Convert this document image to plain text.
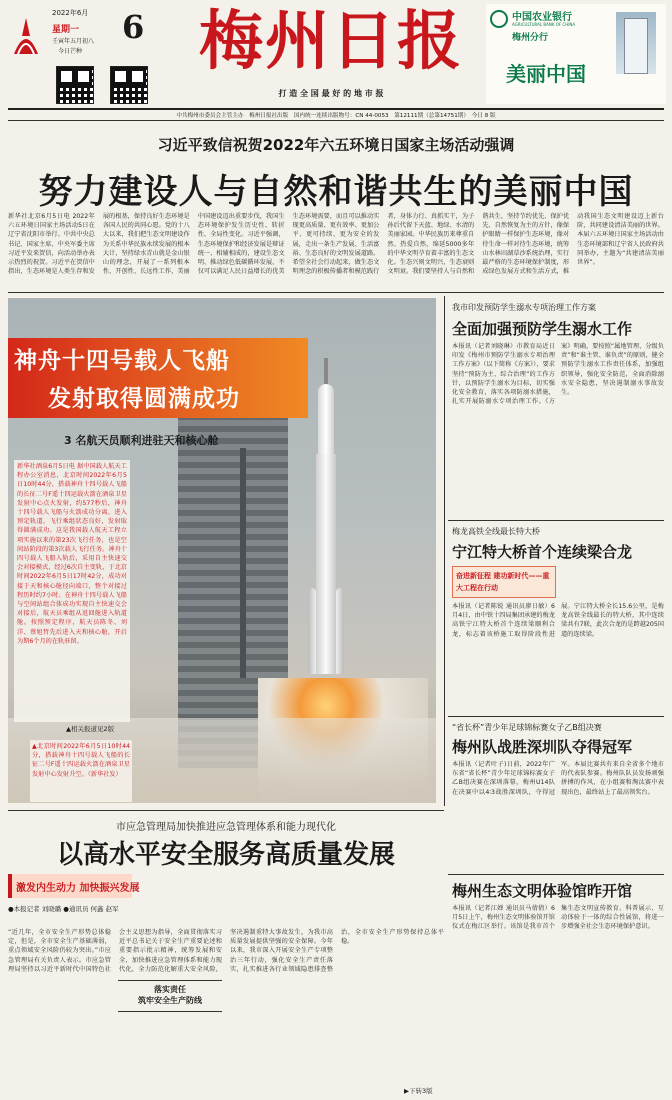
2022年6月
星期一
壬寅年五月初八
今日芒种
6 梅州日报
打 造 全 国 最 好 的 地 市 报
中国农业银行
AGRICULTURAL BANK OF CHINA
梅州分行
美丽中国
中共梅州市委员会主管主办　梅州日报社出版　国内统一连续出版物号：CN 44-0053　第12111期（总第14751期）　今日 8 版
习近平致信祝贺2022年六五环境日国家主场活动强调
努力建设人与自然和谐共生的美丽中国
新华社北京6月5日电 2022年六五环境日国家主场活动5日在辽宁省沈阳市举行。中共中央总书记、国家主席、中央军委主席习近平发来贺信，向活动举办表示热烈的祝贺。习近平在贺信中指出，生态环境是人类生存和发展的根基，保持良好生态环境是各国人民的共同心愿。党的十八大以来，我们把生态文明建设作为关系中华民族永续发展的根本大计，坚持绿水青山就是金山银山的理念，开展了一系列根本性、开创性、长远性工作，美丽中国建设迈出重要步伐，我国生态环境保护发生历史性、转折性、全局性变化。习近平强调，生态环境保护和经济发展是辩证统一、相辅相成的，建设生态文明、推动绿色低碳循环发展，不仅可以满足人民日益增长的优美生态环境需要，而且可以推动实现更高质量、更有效率、更加公平、更可持续、更为安全的发展，走出一条生产发展、生活富裕、生态良好的文明发展道路。希望全社会行动起来，做生态文明理念的积极传播者和模范践行者，身体力行、真抓实干，为子孙后代留下天蓝、地绿、水清的美丽家园。中华民族历来尊重自然、热爱自然，绵延5000多年的中华文明孕育着丰富的生态文化。生态兴则文明兴，生态衰则文明衰。我们要坚持人与自然和谐共生，坚持节约优先、保护优先、自然恢复为主的方针，像保护眼睛一样保护生态环境，像对待生命一样对待生态环境，统筹山水林田湖草沙系统治理，实行最严格的生态环境保护制度，形成绿色发展方式和生活方式，推动我国生态文明建设迈上新台阶，共同建设清洁美丽的世界。本届六五环境日国家主场活动由生态环境部和辽宁省人民政府共同举办，主题为“共建清洁美丽世界”。
神舟十四号载人飞船
发射取得圆满成功
3 名航天员顺利进驻天和核心舱
新华社酒泉6月5日电 据中国载人航天工程办公室消息，北京时间2022年6月5日10时44分，搭载神舟十四号载人飞船的长征二号F遥十四运载火箭在酒泉卫星发射中心点火发射，约577秒后，神舟十四号载人飞船与火箭成功分离，进入预定轨道，飞行乘组状态良好，发射取得圆满成功。这是我国载人航天工程立项实施以来的第23次飞行任务，也是空间站阶段的第3次载人飞行任务。神舟十四号载人飞船入轨后，采用自主快速交会对接模式，经过6次自主变轨，于北京时间2022年6月5日17时42分，成功对接于天和核心舱径向端口，整个对接过程历时约7小时。在神舟十四号载人飞船与空间站组合体成功实现自主快速交会对接后，航天员乘组从返回舱进入轨道舱。按照预定程序，航天员陈冬、刘洋、蔡旭哲先后进入天和核心舱，开启为期6个月的在轨驻留。
▲相关报道见2版
▲北京时间2022年6月5日10时44分，搭载神舟十四号载人飞船的长征二号F遥十四运载火箭在酒泉卫星发射中心发射升空。（新华社发）
我市印发预防学生溺水专项治理工作方案
全面加强预防学生溺水工作
本报讯（记者刘晓琳）市教育局近日印发《梅州市预防学生溺水专项治理工作方案》（以下简称《方案》），要求坚持“预防为主、综合治理”的工作方针，以预防学生溺水为目标，切实强化安全教育，落实各项防溺水措施，扎实开展防溺水专项治理工作。《方案》明确，要按照“属地管理、分级负责”和“谁主管、谁负责”的原则，健全预防学生溺水工作责任体系，加强组织领导，强化安全防范，全面消除溺水安全隐患，坚决遏制溺水事故发生。
梅龙高铁全线最长特大桥
宁江特大桥首个连续梁合龙
奋进新征程 建功新时代——重大工程在行动
本报讯（记者陈锐 通讯员廖日敏）6月4日，由中铁十四局集团承建的梅龙高铁宁江特大桥首个连续梁顺利合龙，标志着该桥施工取得阶段性进展。宁江特大桥全长15.6公里，是梅龙高铁全线最长的特大桥，其中连续梁共有7联，此次合龙的是跨越205国道的连续梁。
“省长杯”青少年足球锦标赛女子乙B组决赛
梅州队战胜深圳队夺得冠军
本报讯（记者叶子)日前，2022年广东省“省长杯”青少年足球锦标赛女子乙B组决赛在深圳落幕，梅州U14队在决赛中以4∶3战胜深圳队，夺得冠军。本届比赛共有来自全省多个地市的代表队参赛。梅州队队员发扬顽强拼搏的作风，在小组赛和淘汰赛中表现出色，最终站上了最高领奖台。
梅州生态文明体验馆昨开馆
本报讯（记者江婵 通讯员马倩倩）6月5日上午，梅州生态文明体验馆开馆仪式在梅江区举行。该馆是我市首个集生态文明宣传教育、科普展示、互动体验于一体的综合性展馆，将进一步增强全社会生态环境保护意识。
市应急管理局加快推进应急管理体系和能力现代化
以高水平安全服务高质量发展
激发内生动力 加快振兴发展
●本报记者 刘晓璐 ●通讯员 何鑫 赵军
“近几年，全市安全生产形势总体稳定，但是，全市安全生产基础薄弱，重点领域安全风险仍较为突出。”市应急管理局有关负责人表示。市应急管理局坚持以习近平新时代中国特色社会主义思想为指导，全面贯彻落实习近平总书记关于安全生产重要论述和重要指示批示精神，统筹发展和安全，加快推进应急管理体系和能力现代化，全力防范化解重大安全风险，坚决遏制重特大事故发生，为我市高质量发展提供坚强的安全保障。今年以来，我市深入开展安全生产专项整治三年行动，强化安全生产责任落实，扎实推进各行业领域隐患排查整治，全市安全生产形势保持总体平稳。
落实责任
筑牢安全生产防线
▶下转3版
